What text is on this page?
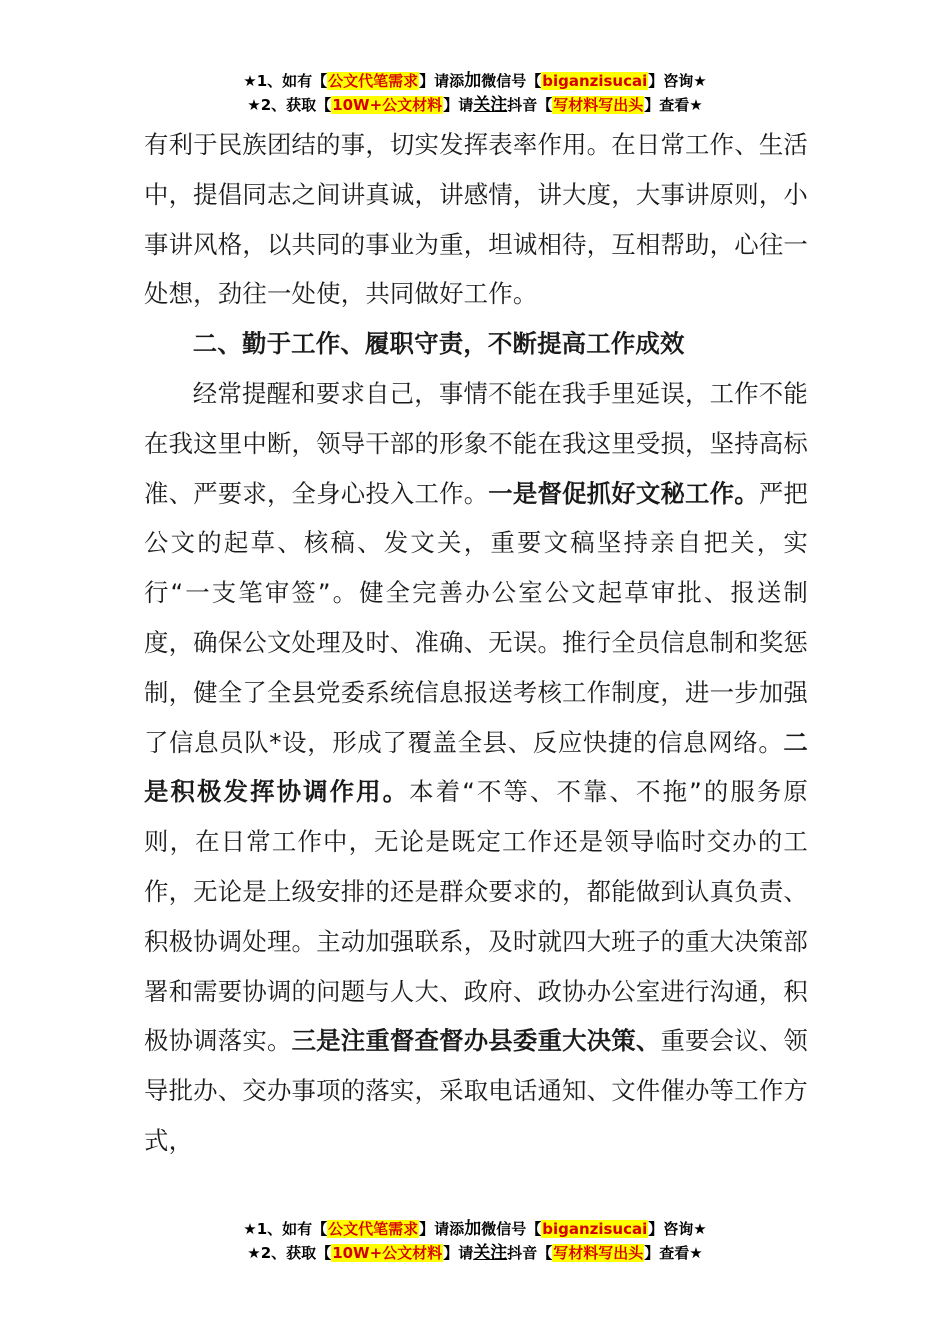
★1、如有【公文代笔需求】请添加微信号【biganzisucai】咨询★
★2、获取【10W+公文材料】请关注抖音【写材料写出头】查看★

有利于民族团结的事，切实发挥表率作用。在日常工作、生活中，提倡同志之间讲真诚，讲感情，讲大度，大事讲原则，小事讲风格，以共同的事业为重，坦诚相待，互相帮助，心往一处想，劲往一处使，共同做好工作。

二、勤于工作、履职守责，不断提高工作成效

经常提醒和要求自己，事情不能在我手里延误，工作不能在我这里中断，领导干部的形象不能在我这里受损，坚持高标准、严要求，全身心投入工作。一是督促抓好文秘工作。严把公文的起草、核稿、发文关，重要文稿坚持亲自把关，实行“一支笔审签”。健全完善办公室公文起草审批、报送制度，确保公文处理及时、准确、无误。推行全员信息制和奖惩制，健全了全县党委系统信息报送考核工作制度，进一步加强了信息员队*设，形成了覆盖全县、反应快捷的信息网络。二是积极发挥协调作用。本着“不等、不靠、不拖”的服务原则，在日常工作中，无论是既定工作还是领导临时交办的工作，无论是上级安排的还是群众要求的，都能做到认真负责、积极协调处理。主动加强联系，及时就四大班子的重大决策部署和需要协调的问题与人大、政府、政协办公室进行沟通，积极协调落实。三是注重督查督办县委重大决策、重要会议、领导批办、交办事项的落实，采取电话通知、文件催办等工作方式，

★1、如有【公文代笔需求】请添加微信号【biganzisucai】咨询★
★2、获取【10W+公文材料】请关注抖音【写材料写出头】查看★
